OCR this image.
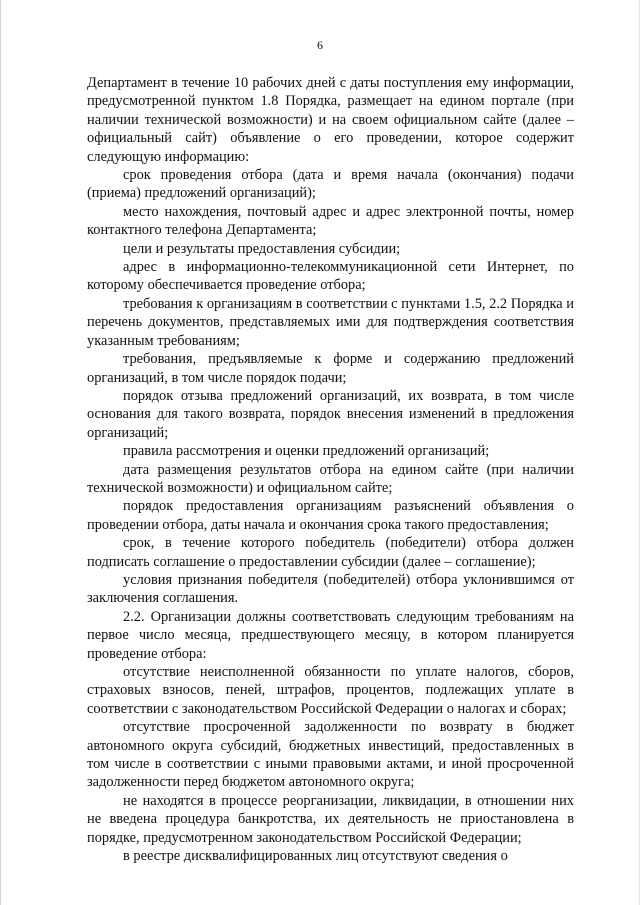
6

Департамент в течение 10 рабочих дней с даты поступления ему информации, предусмотренной пунктом 1.8 Порядка, размещает на едином портале (при наличии технической возможности) и на своем официальном сайте (далее – официальный сайт) объявление о его проведении, которое содержит следующую информацию:

срок проведения отбора (дата и время начала (окончания) подачи (приема) предложений организаций);

место нахождения, почтовый адрес и адрес электронной почты, номер контактного телефона Департамента;

цели и результаты предоставления субсидии;

адрес в информационно-телекоммуникационной сети Интернет, по которому обеспечивается проведение отбора;

требования к организациям в соответствии с пунктами 1.5, 2.2 Порядка и перечень документов, представляемых ими для подтверждения соответствия указанным требованиям;

требования, предъявляемые к форме и содержанию предложений организаций, в том числе порядок подачи;

порядок отзыва предложений организаций, их возврата, в том числе основания для такого возврата, порядок внесения изменений в предложения организаций;

правила рассмотрения и оценки предложений организаций;

дата размещения результатов отбора на едином сайте (при наличии технической возможности) и официальном сайте;

порядок предоставления организациям разъяснений объявления о проведении отбора, даты начала и окончания срока такого предоставления;

срок, в течение которого победитель (победители) отбора должен подписать соглашение о предоставлении субсидии (далее – соглашение);

условия признания победителя (победителей) отбора уклонившимся от заключения соглашения.

2.2. Организации должны соответствовать следующим требованиям на первое число месяца, предшествующего месяцу, в котором планируется проведение отбора:

отсутствие неисполненной обязанности по уплате налогов, сборов, страховых взносов, пеней, штрафов, процентов, подлежащих уплате в соответствии с законодательством Российской Федерации о налогах и сборах;

отсутствие просроченной задолженности по возврату в бюджет автономного округа субсидий, бюджетных инвестиций, предоставленных в том числе в соответствии с иными правовыми актами, и иной просроченной задолженности перед бюджетом автономного округа;

не находятся в процессе реорганизации, ликвидации, в отношении них не введена процедура банкротства, их деятельность не приостановлена в порядке, предусмотренном законодательством Российской Федерации;

в реестре дисквалифицированных лиц отсутствуют сведения о
